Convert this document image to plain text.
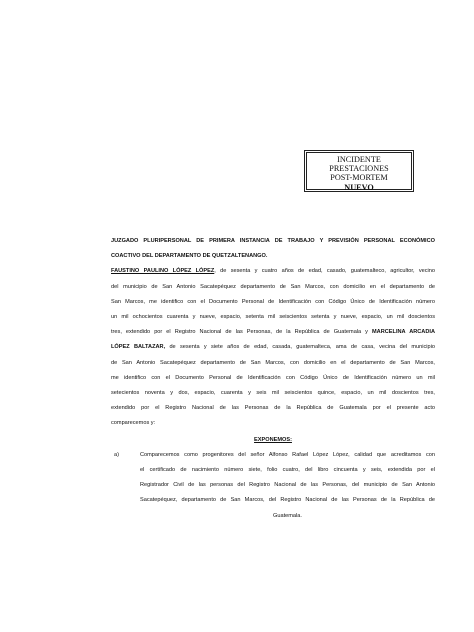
INCIDENTE
PRESTACIONES
POST-MORTEM
NUEVO
JUZGADO PLURIPERSONAL DE PRIMERA INSTANCIA DE TRABAJO Y PREVISIÓN PERSONAL ECONÓMICO
COACTIVO DEL DEPARTAMENTO DE QUETZALTENANGO.
FAUSTINO PAULINO LÓPEZ LÓPEZ, de sesenta y cuatro años de edad, casado, guatemalteco, agricultor, vecino
del municipio de San Antonio Sacatepéquez departamento de San Marcos, con domicilio en el departamento de
San Marcos, me identifico con el Documento Personal de Identificación con Código Único de Identificación número
un mil ochocientos cuarenta y nueve, espacio, setenta mil seiscientos setenta y nueve, espacio, un mil doscientos
tres, extendido por el Registro Nacional de las Personas, de la República de Guatemala y MARCELINA ARCADIA
LÓPEZ BALTAZAR, de sesenta y siete años de edad, casada, guatemalteca, ama de casa, vecina del municipio
de San Antonio Sacatepéquez departamento de San Marcos, con domicilio en el departamento de San Marcos,
me identifico con el Documento Personal de Identificación con Código Único de Identificación número un mil
setecientos noventa y dos, espacio, cuarenta y seis mil seiscientos quince, espacio, un mil doscientos tres,
extendido por el Registro Nacional de las Personas de la República de Guatemala por el presente acto
comparecemos y:
EXPONEMOS:
a)	Comparecemos como progenitores del señor Alfonso Rafael López López, calidad que acreditamos con
el certificado de nacimiento número siete, folio cuatro, del libro cincuenta y seis, extendida por el
Registrador Civil de las personas del Registro Nacional de las Personas, del municipio de San Antonio
Sacatepéquez, departamento de San Marcos, del Registro Nacional de las Personas de la República de
Guatemala.
